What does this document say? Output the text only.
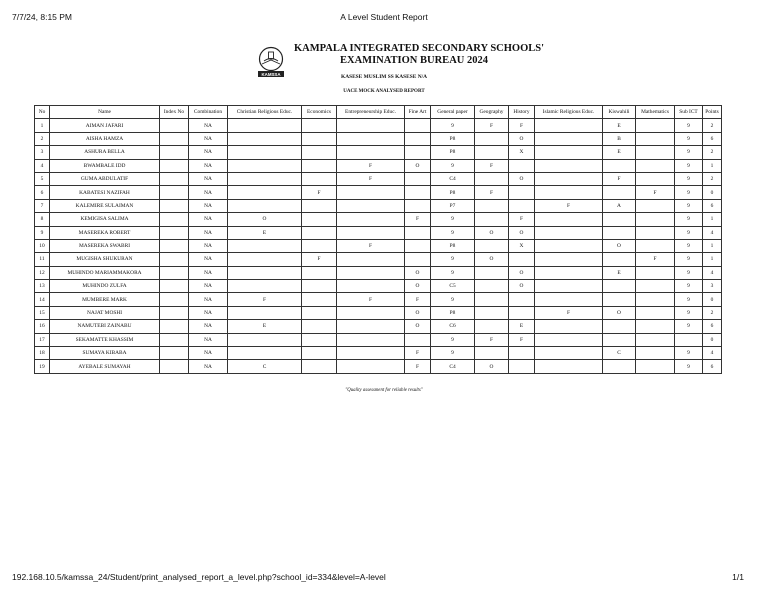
7/7/24, 8:15 PM	A Level Student Report
KAMSSA
KAMPALA INTEGRATED SECONDARY SCHOOLS'
EXAMINATION BUREAU 2024
KASESE MUSLIM SS KASESE N/A
UACE MOCK ANALYSED REPORT
No	Name	Index No	Combination	Christian Religious Educ.	Economics	Entrepreneurship Educ.	Fine Art	General paper	Geography	History	Islamic Religious Educ.	Kiswahili	Mathematics	Sub ICT	Points
1	AIMAN JAFARI		NA					9	F	F		E		9	2
2	AISHA HAMZA		NA					P8		O		B		9	6
3	ASHURA BELLA		NA					P8		X		E		9	2
4	BWAMBALE IDD		NA			F	O	9	F					9	1
5	GUMA ABDULATIF		NA			F		C4		O		F		9	2
6	KABATESI NAZIFAH		NA		F			P8	F				F	9	0
7	KALEMIRE SULAIMAN		NA					P7			F	A		9	6
8	KEMIGISA SALIMA		NA	O			F	9		F				9	1
9	MASEREKA ROBERT		NA	E				9	O	O				9	4
10	MASEREKA SWABRI		NA			F		P8		X		O		9	1
11	MUGISHA SHUKURAN		NA		F			9	O				F	9	1
12	MUHINDO MARIAMMAKORA		NA				O	9		O		E		9	4
13	MUHINDO ZULFA		NA				O	C5		O				9	3
14	MUMBERE MARK		NA	F		F	F	9						9	0
15	NAJAT MOSHI		NA				O	P8			F	O		9	2
16	NAMUTEBI ZAINABU		NA	E			O	C6		E				9	6
17	SEKAMATTE KHASSIM		NA					9	F	F					0
18	SUMAYA KIBABA		NA				F	9				C		9	4
19	AYEBALE SUMAYAH		NA	C			F	C4	O					9	6
"Quality assessment for reliable results"
192.168.10.5/kamssa_24/Student/print_analysed_report_a_level.php?school_id=334&level=A-level	1/1
